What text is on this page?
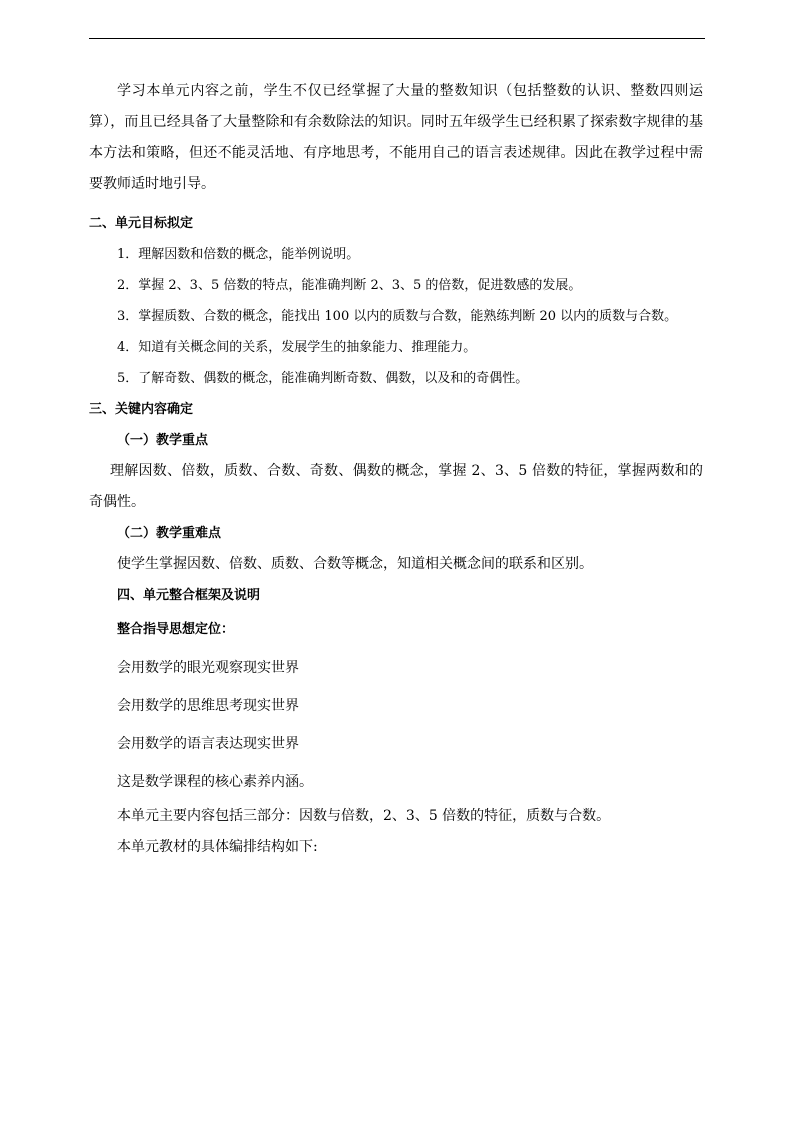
学习本单元内容之前，学生不仅已经掌握了大量的整数知识（包括整数的认识、整数四则运算），而且已经具备了大量整除和有余数除法的知识。同时五年级学生已经积累了探索数字规律的基本方法和策略，但还不能灵活地、有序地思考，不能用自己的语言表述规律。因此在教学过程中需要教师适时地引导。

二、单元目标拟定

1．理解因数和倍数的概念，能举例说明。

2．掌握 2、3、5 倍数的特点，能准确判断 2、3、5 的倍数，促进数感的发展。

3．掌握质数、合数的概念，能找出 100 以内的质数与合数，能熟练判断 20 以内的质数与合数。

4．知道有关概念间的关系，发展学生的抽象能力、推理能力。

5．了解奇数、偶数的概念，能准确判断奇数、偶数，以及和的奇偶性。

三、关键内容确定

（一）教学重点

理解因数、倍数，质数、合数、奇数、偶数的概念，掌握 2、3、5 倍数的特征，掌握两数和的奇偶性。

（二）教学重难点

使学生掌握因数、倍数、质数、合数等概念，知道相关概念间的联系和区别。

四、单元整合框架及说明

整合指导思想定位：

会用数学的眼光观察现实世界

会用数学的思维思考现实世界

会用数学的语言表达现实世界

这是数学课程的核心素养内涵。

本单元主要内容包括三部分：因数与倍数，2、3、5 倍数的特征，质数与合数。

本单元教材的具体编排结构如下:
